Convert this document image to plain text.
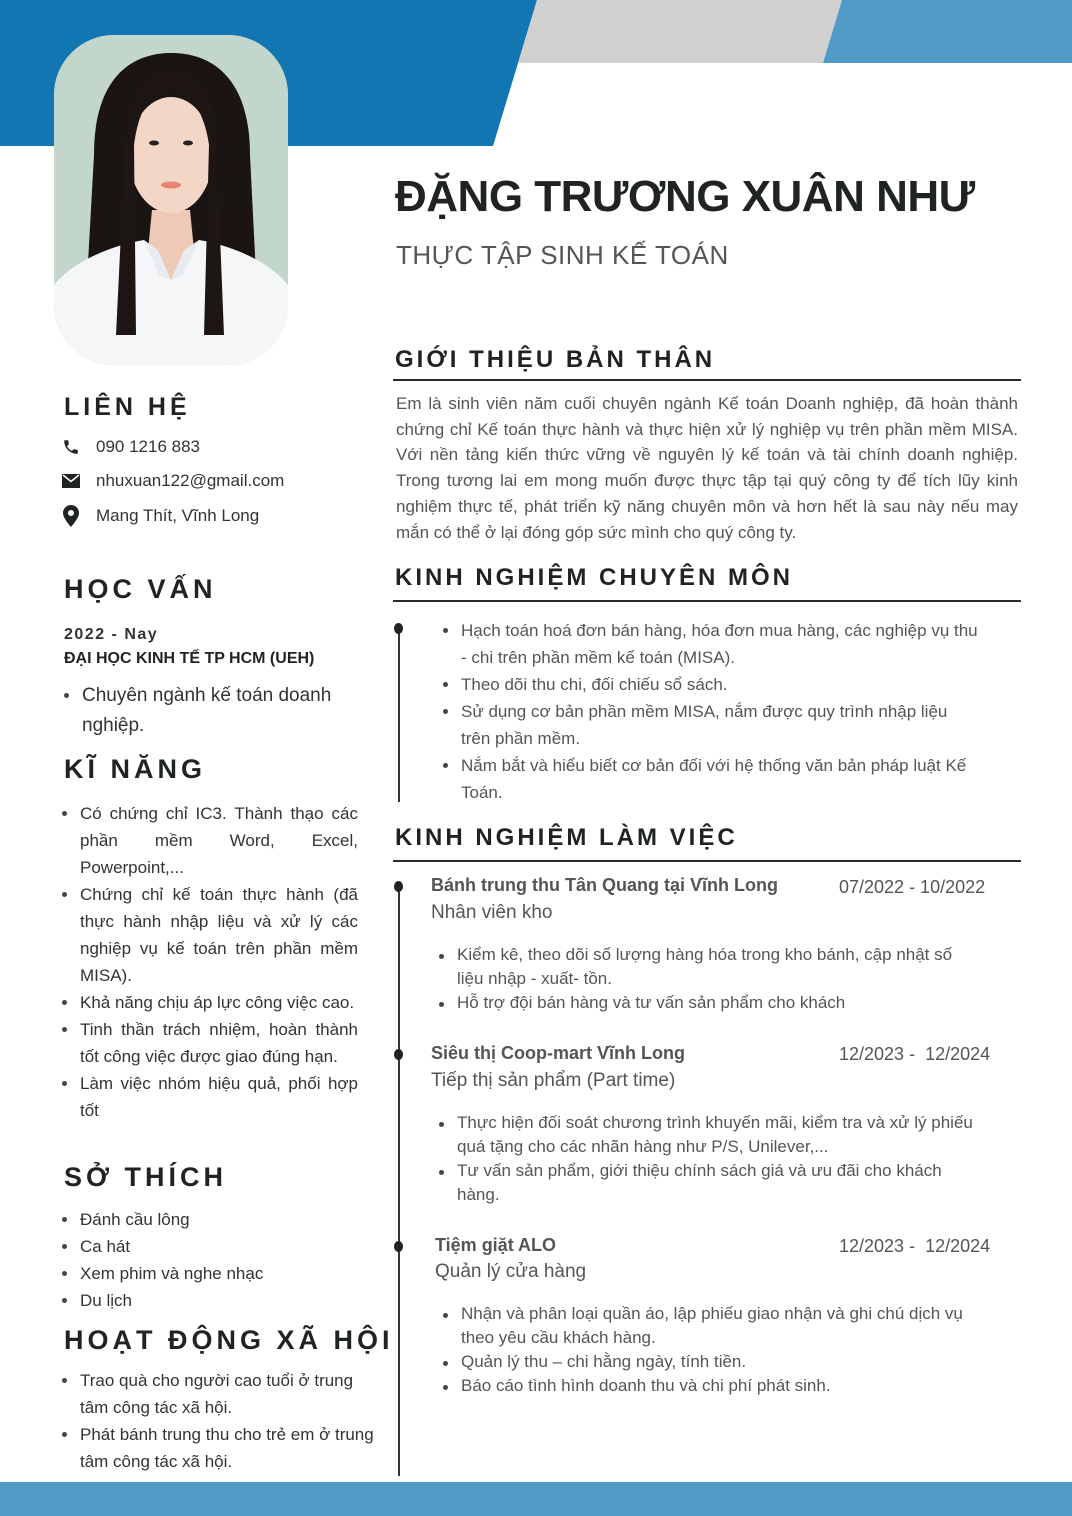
ĐẶNG TRƯƠNG XUÂN NHƯ
THỰC TẬP SINH KẾ TOÁN
LIÊN HỆ
090 1216 883
nhuxuan122@gmail.com
Mang Thít, Vĩnh Long
HỌC VẤN
2022 - Nay
ĐẠI HỌC KINH TẾ TP HCM (UEH)
Chuyên ngành kế toán doanh nghiệp.
KĨ NĂNG
Có chứng chỉ IC3. Thành thạo các phần mềm Word, Excel, Powerpoint,...
Chứng chỉ kế toán thực hành (đã thực hành nhập liệu và xử lý các nghiệp vụ kế toán trên phần mềm MISA).
Khả năng chịu áp lực công việc cao.
Tinh thần trách nhiệm, hoàn thành tốt công việc được giao đúng hạn.
Làm việc nhóm hiệu quả, phối hợp tốt
SỞ THÍCH
Đánh cầu lông
Ca hát
Xem phim và nghe nhạc
Du lịch
HOẠT ĐỘNG XÃ HỘI
Trao quà cho người cao tuổi ở trung tâm công tác xã hội.
Phát bánh trung thu cho trẻ em ở trung tâm công tác xã hội.
GIỚI THIỆU BẢN THÂN
Em là sinh viên năm cuối chuyên ngành Kế toán Doanh nghiệp, đã hoàn thành chứng chỉ Kế toán thực hành và thực hiện xử lý nghiệp vụ trên phần mềm MISA. Với nền tảng kiến thức vững về nguyên lý kế toán và tài chính doanh nghiệp. Trong tương lai em mong muốn được thực tập tại quý công ty để tích lũy kinh nghiệm thực tế, phát triển kỹ năng chuyên môn và hơn hết là sau này nếu may mắn có thể ở lại đóng góp sức mình cho quý công ty.
KINH NGHIỆM CHUYÊN MÔN
Hạch toán hoá đơn bán hàng, hóa đơn mua hàng, các nghiệp vụ thu - chi trên phần mềm kế toán (MISA).
Theo dõi thu chi, đối chiếu sổ sách.
Sử dụng cơ bản phần mềm MISA, nắm được quy trình nhập liệu trên phần mềm.
Nắm bắt và hiểu biết cơ bản đối với hệ thống văn bản pháp luật Kế Toán.
KINH NGHIỆM LÀM VIỆC
Bánh trung thu Tân Quang tại Vĩnh Long	07/2022 - 10/2022
Nhân viên kho
Kiểm kê, theo dõi số lượng hàng hóa trong kho bánh, cập nhật số liệu nhập - xuất- tồn.
Hỗ trợ đội bán hàng và tư vấn sản phẩm cho khách
Siêu thị Coop-mart Vĩnh Long	12/2023 -  12/2024
Tiếp thị sản phẩm (Part time)
Thực hiện đối soát chương trình khuyến mãi, kiểm tra và xử lý phiếu quá tặng cho các nhãn hàng như P/S, Unilever,...
Tư vấn sản phẩm, giới thiệu chính sách giá và ưu đãi cho khách hàng.
Tiệm giặt ALO	12/2023 -  12/2024
Quản lý cửa hàng
Nhận và phân loại quần áo, lập phiếu giao nhận và ghi chú dịch vụ theo yêu cầu khách hàng.
Quản lý thu – chi hằng ngày, tính tiền.
Báo cáo tình hình doanh thu và chi phí phát sinh.
